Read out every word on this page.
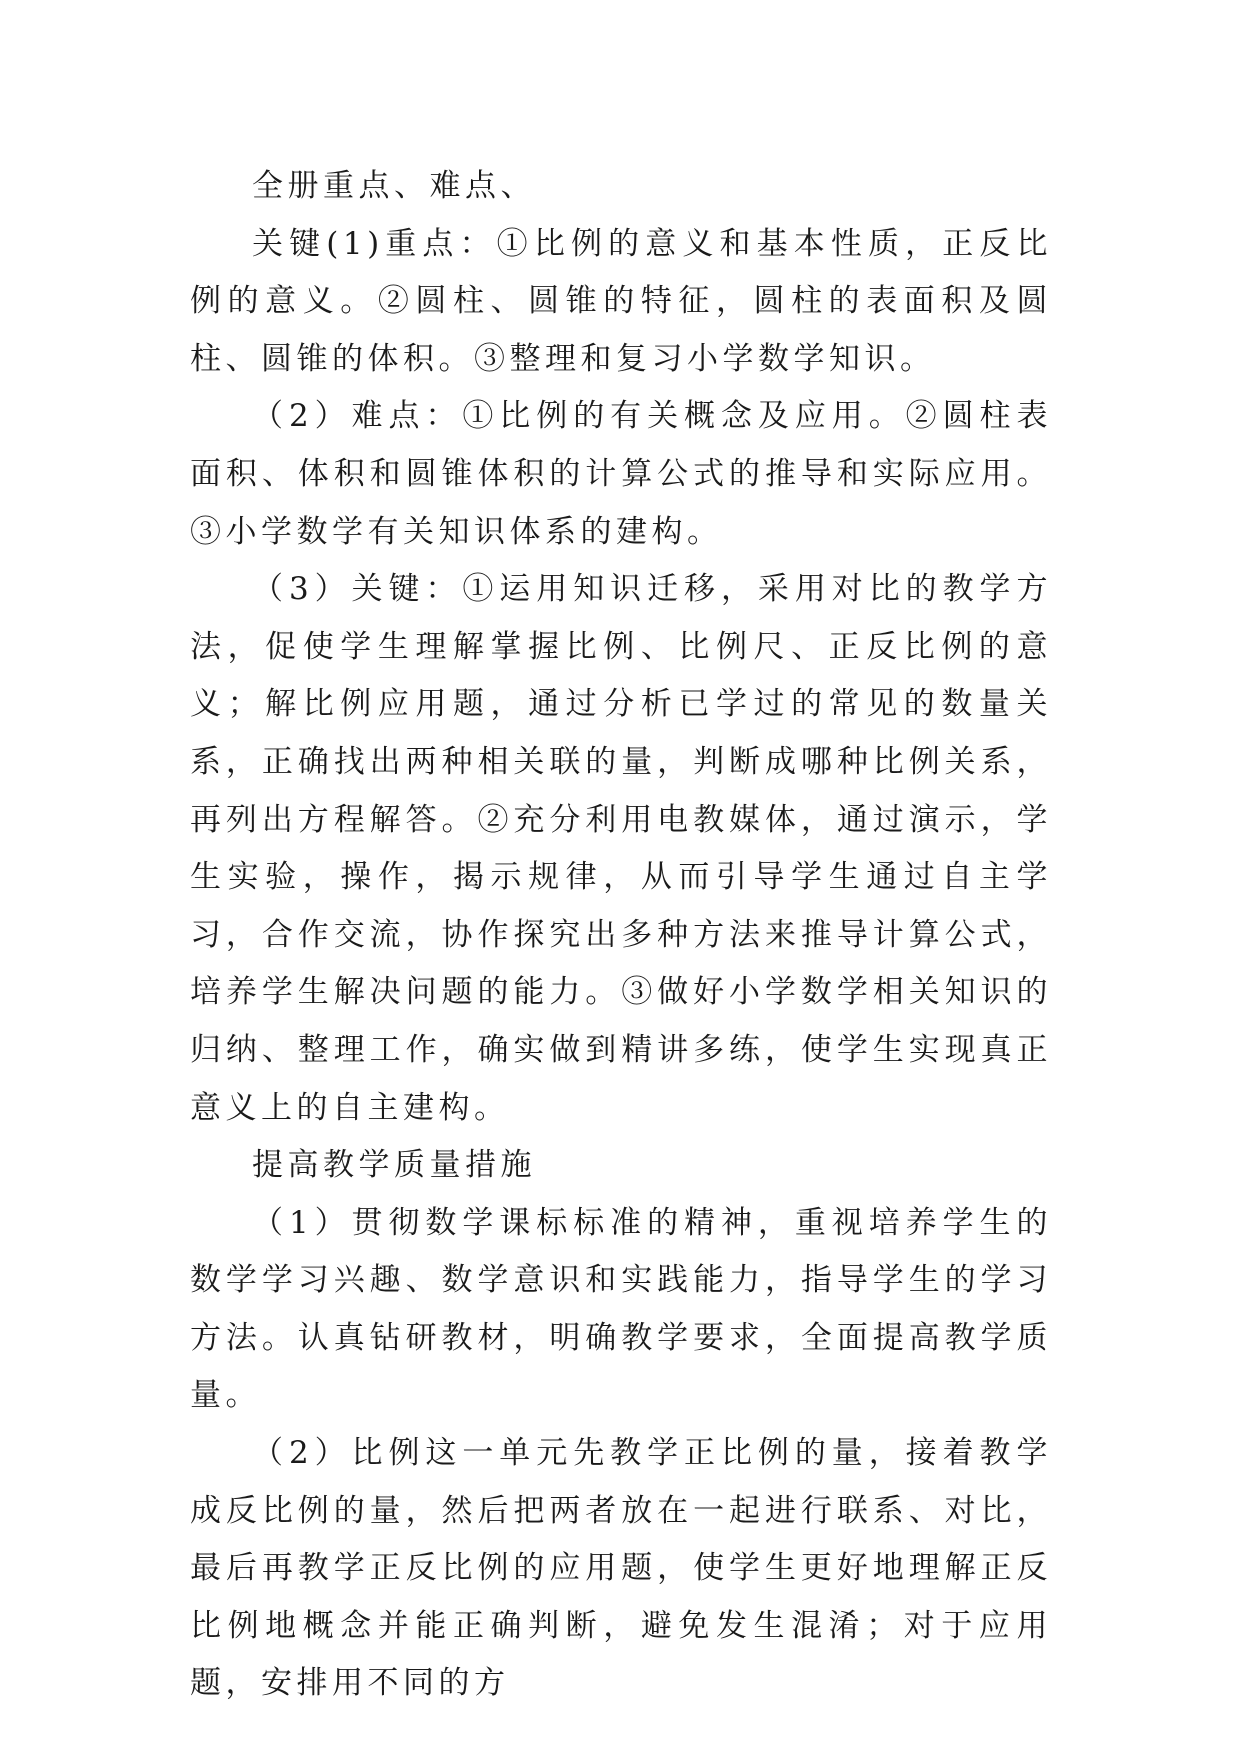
全册重点、难点、

关键(1)重点：①比例的意义和基本性质，正反比例的意义。②圆柱、圆锥的特征，圆柱的表面积及圆柱、圆锥的体积。③整理和复习小学数学知识。

（2）难点：①比例的有关概念及应用。②圆柱表面积、体积和圆锥体积的计算公式的推导和实际应用。③小学数学有关知识体系的建构。

（3）关键：①运用知识迁移，采用对比的教学方法，促使学生理解掌握比例、比例尺、正反比例的意义；解比例应用题，通过分析已学过的常见的数量关系，正确找出两种相关联的量，判断成哪种比例关系，再列出方程解答。②充分利用电教媒体，通过演示，学生实验，操作，揭示规律，从而引导学生通过自主学习，合作交流，协作探究出多种方法来推导计算公式，培养学生解决问题的能力。③做好小学数学相关知识的归纳、整理工作，确实做到精讲多练，使学生实现真正意义上的自主建构。

提高教学质量措施

（1）贯彻数学课标标准的精神，重视培养学生的数学学习兴趣、数学意识和实践能力，指导学生的学习方法。认真钻研教材，明确教学要求，全面提高教学质量。

（2）比例这一单元先教学正比例的量，接着教学成反比例的量，然后把两者放在一起进行联系、对比，最后再教学正反比例的应用题，使学生更好地理解正反比例地概念并能正确判断，避免发生混淆；对于应用题，安排用不同的方
